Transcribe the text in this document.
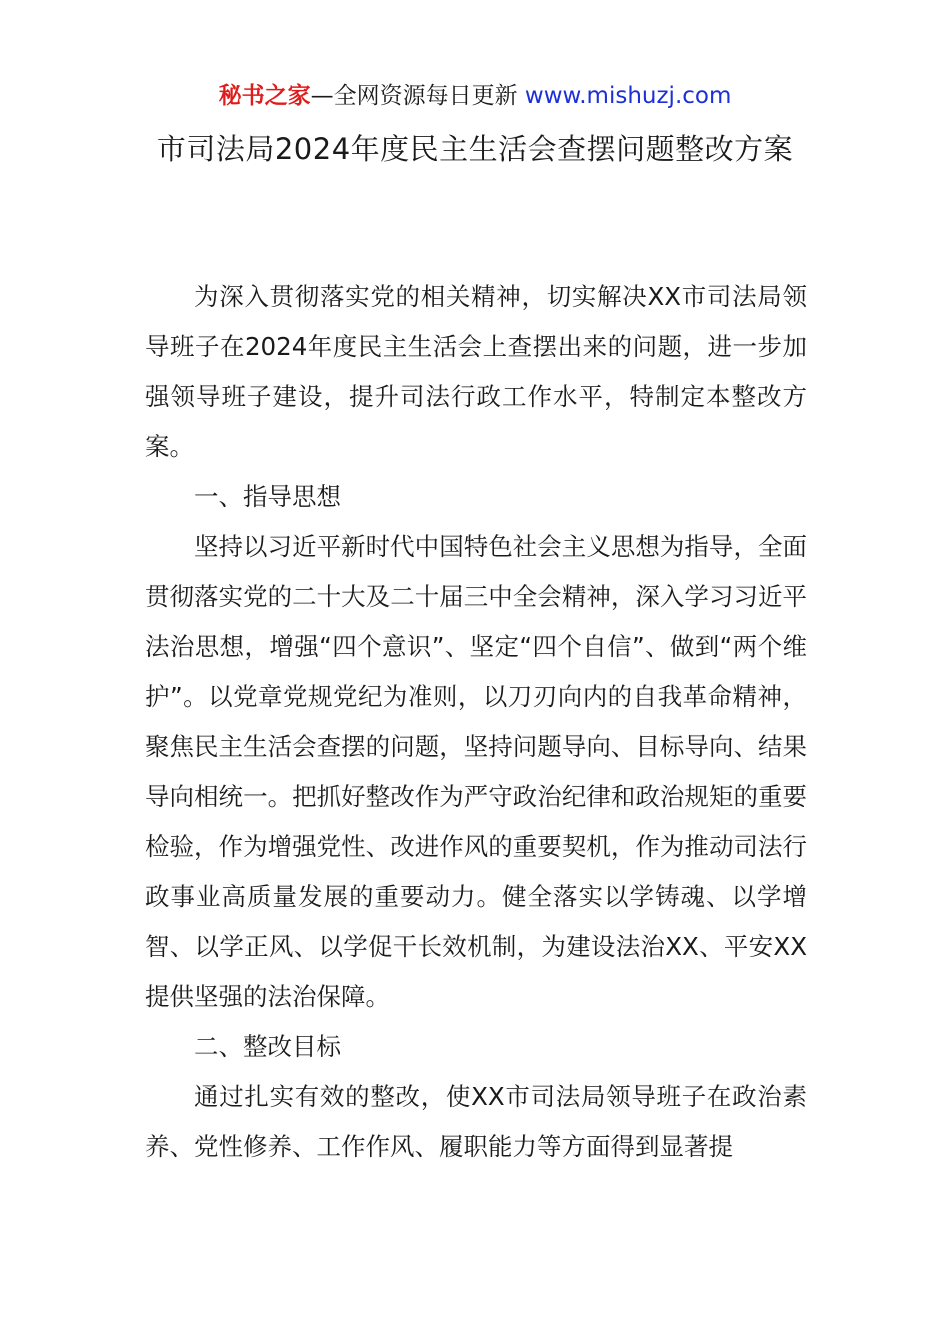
秘书之家—全网资源每日更新 www.mishuzj.com
市司法局2024年度民主生活会查摆问题整改方案

为深入贯彻落实党的相关精神，切实解决XX市司法局领导班子在2024年度民主生活会上查摆出来的问题，进一步加强领导班子建设，提升司法行政工作水平，特制定本整改方案。

一、指导思想

坚持以习近平新时代中国特色社会主义思想为指导，全面贯彻落实党的二十大及二十届三中全会精神，深入学习习近平法治思想，增强“四个意识”、坚定“四个自信”、做到“两个维护”。以党章党规党纪为准则，以刀刃向内的自我革命精神，聚焦民主生活会查摆的问题，坚持问题导向、目标导向、结果导向相统一。把抓好整改作为严守政治纪律和政治规矩的重要检验，作为增强党性、改进作风的重要契机，作为推动司法行政事业高质量发展的重要动力。健全落实以学铸魂、以学增智、以学正风、以学促干长效机制，为建设法治XX、平安XX提供坚强的法治保障。

二、整改目标

通过扎实有效的整改，使XX市司法局领导班子在政治素养、党性修养、工作作风、履职能力等方面得到显著提
